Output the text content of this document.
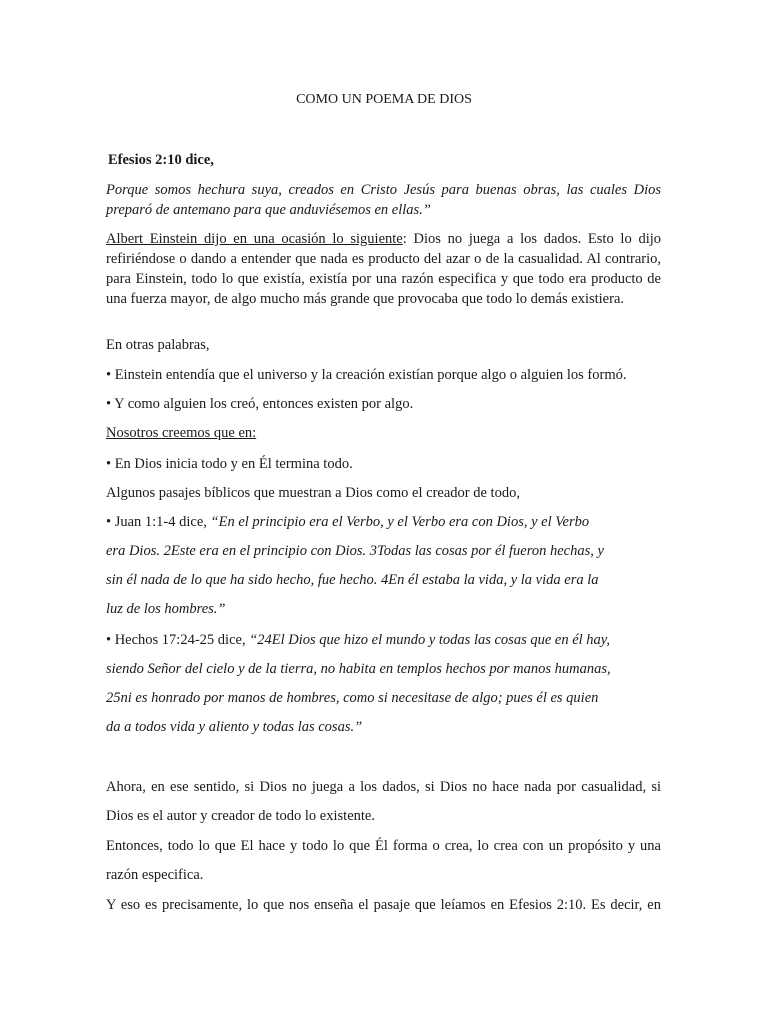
COMO UN POEMA DE DIOS
Efesios 2:10 dice,
Porque somos hechura suya, creados en Cristo Jesús para buenas obras, las cuales Dios preparó de antemano para que anduviésemos en ellas.”
Albert Einstein dijo en una ocasión lo siguiente: Dios no juega a los dados. Esto lo dijo refiriéndose o dando a entender que nada es producto del azar o de la casualidad. Al contrario, para Einstein, todo lo que existía, existía por una razón especifica y que todo era producto de una fuerza mayor, de algo mucho más grande que provocaba que todo lo demás existiera.
En otras palabras,
• Einstein entendía que el universo y la creación existían porque algo o alguien los formó.
• Y como alguien los creó, entonces existen por algo.
Nosotros creemos que en:
• En Dios inicia todo y en Él termina todo.
Algunos pasajes bíblicos que muestran a Dios como el creador de todo,
• Juan 1:1-4 dice, “En el principio era el Verbo, y el Verbo era con Dios, y el Verbo
era Dios. 2Este era en el principio con Dios. 3Todas las cosas por él fueron hechas, y
sin él nada de lo que ha sido hecho, fue hecho. 4En él estaba la vida, y la vida era la
luz de los hombres.”
• Hechos 17:24-25 dice, “24El Dios que hizo el mundo y todas las cosas que en él hay,
siendo Señor del cielo y de la tierra, no habita en templos hechos por manos humanas,
25ni es honrado por manos de hombres, como si necesitase de algo; pues él es quien
da a todos vida y aliento y todas las cosas.”
Ahora, en ese sentido, si Dios no juega a los dados, si Dios no hace nada por casualidad, si
Dios es el autor y creador de todo lo existente.
Entonces, todo lo que El hace y todo lo que Él forma o crea, lo crea con un propósito y una
razón especifica.
Y eso es precisamente, lo que nos enseña el pasaje que leíamos en Efesios 2:10. Es decir, en
